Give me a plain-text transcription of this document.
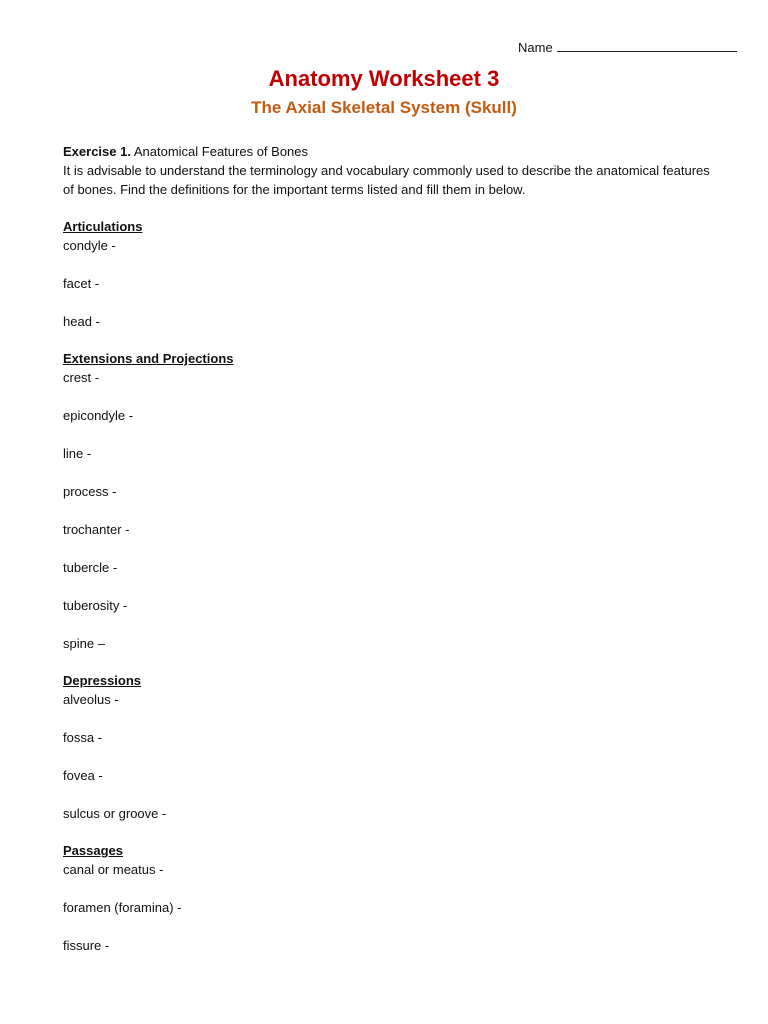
Name
Anatomy Worksheet 3
The Axial Skeletal System (Skull)

Exercise 1. Anatomical Features of Bones

It is advisable to understand the terminology and vocabulary commonly used to describe the anatomical features of bones. Find the definitions for the important terms listed and fill them in below.

Articulations

condyle -

facet -

head -

Extensions and Projections

crest -

epicondyle -

line -

process -

trochanter -

tubercle -

tuberosity -

spine –

Depressions

alveolus -

fossa -

fovea -

sulcus or groove -

Passages

canal or meatus -

foramen (foramina) -

fissure -
